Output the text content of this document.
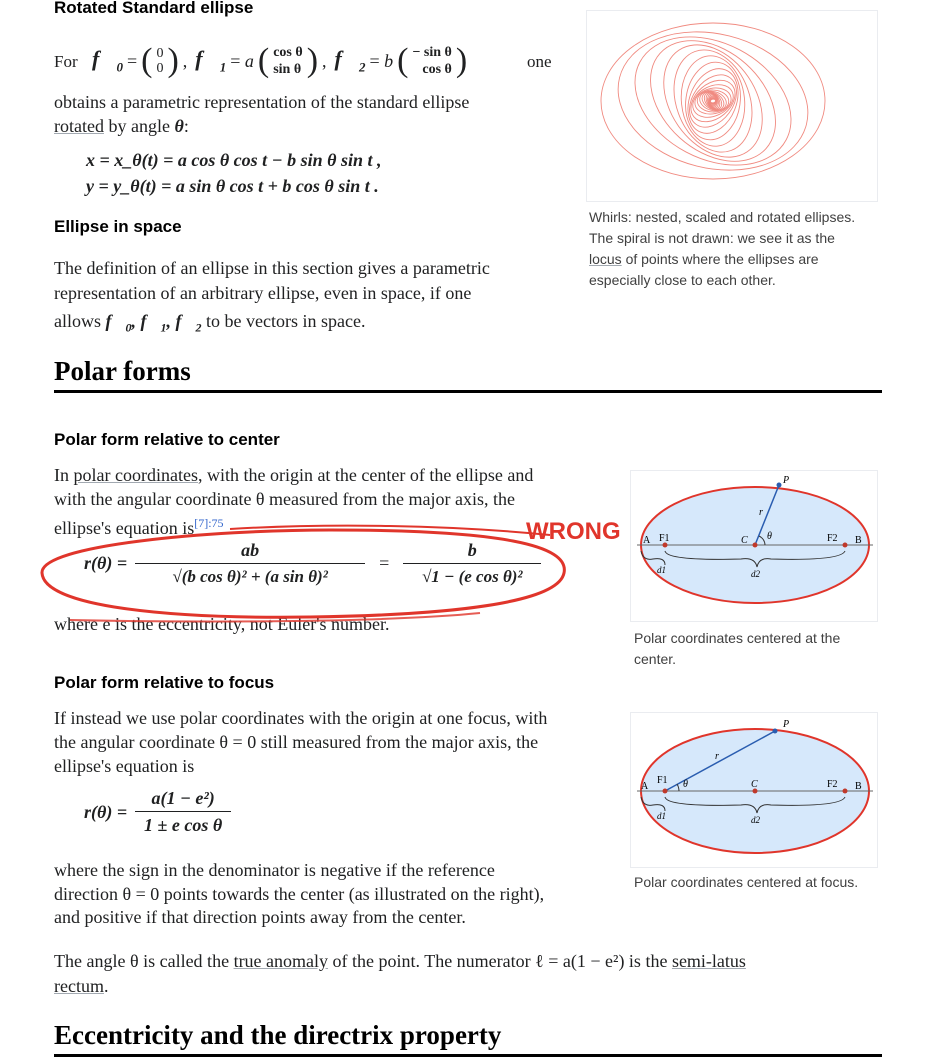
Rotated Standard ellipse
For $f⃗_0$ = ( 0
0 ) , $f⃗_1 = a$ ( cos θ
sin θ ) , $f⃗_2 = b$ ( − sin θ
cos θ )	one
obtains a parametric representation of the standard ellipse
rotated by angle θ:
x = x_θ(t) = a cos θ cos t − b sin θ sin t ,
y = y_θ(t) = a sin θ cos t + b cos θ sin t .
Whirls: nested, scaled and rotated ellipses.
The spiral is not drawn: we see it as the
locus of points where the ellipses are
especially close to each other.
Ellipse in space
The definition of an ellipse in this section gives a parametric
representation of an arbitrary ellipse, even in space, if one
allows $f⃗_0$, $f⃗_1$, $f⃗_2$ to be vectors in space.
Polar forms
Polar form relative to center
In polar coordinates, with the origin at the center of the ellipse and
with the angular coordinate θ measured from the major axis, the
ellipse's equation $is^{[7]:75}$
$r(\theta) = \frac{ab}{\text{√(b cos θ)² + (a sin θ)²}} = \frac{b}{\text{√1 − (e cos θ)²}}$
where e is the eccentricity, not Euler's number.
WRONG A F1	C
P
r
θ	F2 B
d1	d2
Polar coordinates centered at the
center.
Polar form relative to focus
If instead we use polar coordinates with the origin at one focus, with
the angular coordinate θ = 0 still measured from the major axis, the
ellipse's equation is
$r(\theta) = \frac{\text{a(1 − e²)}}{\text{1 ± e cos θ}}$
A
F1	C
P
r
θ	F2 B
d1	d2
Polar coordinates centered at focus.
where the sign in the denominator is negative if the reference
direction θ = 0 points towards the center (as illustrated on the right),
and positive if that direction points away from the center.
The angle θ is called the true anomaly of the point. The numerator ℓ = a(1 − e²) is the semi-latus
rectum.
Eccentricity and the directrix property
